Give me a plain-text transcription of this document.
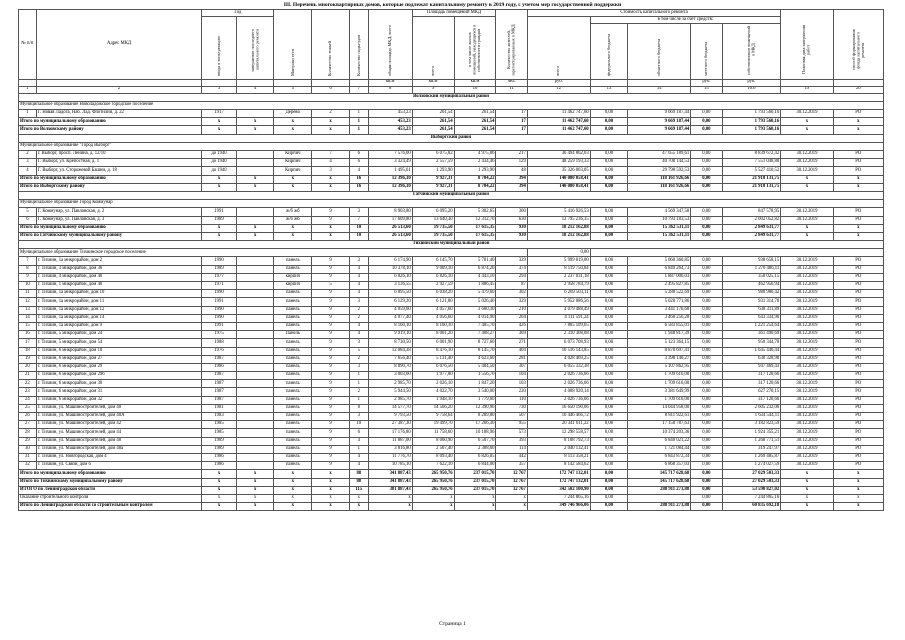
III. Перечень многоквартирных домов, которые подлежат капитальному ремонту в 2019 году, с учетом мер государственной поддержки
№ п/п	Адрес МКД	Год		Материал стен	Количество этажей	Количество подъездов	общая площадь МКД, всего	Площадь помещений МКД		Количество жителей, зарегистрированных в МКД	Стоимость капитального ремонта					Плановая дата завершения работ	способ формирования фонда капитального ремонта
		ввода в эксплуатацию	завершение последнего капитального ремонта					всего	в том числе жилых помещений, находящихся в собственности граждан		всего	в том числе за счет средств:					
												федерального бюджета	областного бюджета	местного бюджета	собственников помещений в МКД		
							кв.м	кв.м	кв.м	чел.	руб.			руб.	руб.		
1	2	3	4	5	6	7	8	9	10	11	12	13	14	15	16.0	19	20
Волховский муниципальный район																	
Муниципальное образование Новоладожское городское поселение																	
1	Г. Новая Ладога, Наб. Лад. Флотилии, д. 22	1917		Дерево	2	1	453,23	261,54	261,54	17	11 462 747,60	0,00	9 669 187,44	0,00	1 793 560,16	30.12.2019	РО
Итого по муниципальному образованию		x	x	x	x	1	453,23	261,54	261,54	17	11 462 747,60	0,00	9 669 187,44	0,00	1 793 560,16	x	x
Итого по Волховскому району		x	x	x	x	1	453,23	261,54	261,54	17	11 462 747,60	0,00	9 669 187,44	0,00	1 793 560,16	x	x
Выборгский район																	
Муниципальное образование "Город Выборг"																	
2	г. Выборг, просп. Ленина, д. 12/10	до 1940		Кирпич	7	6	7 576,00	6 075,82	4 975,86	217	36 494 862,03	0,00	47 655 189,61	0,00	8 839 672,42	30.12.2019	РО
3	Г. Выборг, ул. Крепостная, д. 1	до 1940		Кирпич	4	6	3 324,49	2 557,59	2 434,46	129	48 259 193,33	0,00	40 708 144,53	0,00	7 551 048,80	30.12.2019	РО
4	Г. Выборг, ул. Сторожевой Башни, д. 18	до 1940		Кирпич	3	4	1 495,61	1 293,90	1 293,90	48	35 326 003,05	0,00	29 798 592,53	0,00	5 527 410,52	30.12.2019	РО
Итого по муниципальному образованию		x	x	x	x	16	12 396,10	9 927,31	8 704,22	394	140 080 058,41	0,00	118 161 926,66	0,00	21 918 131,75	x	x
Итого по Выборгскому району		x	x	x	x	16	12 396,10	9 927,31	8 704,22	394	140 080 058,41	0,00	118 161 926,66	0,00	21 918 131,75	x	x
Гатчинский муниципальный район																	
Муниципальное образование Город Коммунар																	
5	Г. Коммунар, ул. Павловская, д. 2	1991		ж/б жб	9	3	8 903,80	6 095,20	5 302,65	300	5 416 926,53	0,00	4 569 347,58	0,00	847 578,95	30.12.2019	РО
6	Г. Коммунар, ул. Павловская, д. 3	1989		ж/б жб	9	7	17 609,80	13 640,30	12 312,70	630	12 795 236,35	0,00	10 793 183,53	0,00	2 002 052,82	30.12.2019	РО
Итого по муниципальному образованию		x	x	x	x	10	26 513,60	19 735,50	17 615,35	930	18 212 162,88	0,00	15 362 531,11	0,00	2 849 631,77	x	x
Итого по Гатчинскому муниципальному району		x	x	x	x	10	26 513,60	19 735,50	17 615,35	930	18 212 162,88	0,00	15 362 531,11	0,00	2 849 631,77	x	x
Тихвинский муниципальный район																	
Муниципальное образование Тихвинское городское поселение											0,00						
7	г. Тихвин, 1а микрорайон, дом 2	1990		панель	9	3	6 174,90	6 145,70	5 701,40	329	5 999 019,00	0,00	5 060 360,85	0,00	938 658,15	30.12.2019	РО
8	г. Тихвин, 3 микрорайон, дом 36	1989		панель	9	4	10 378,10	9 009,10	6 874,20	374	8 119 750,84	0,00	6 849 264,73	0,00	1 270 486,11	30.12.2019	РО
9	г. Тихвин, 4 микрорайон, дом 40	1977		кирпич	9	4	6 826,10	6 826,10	4 443,10	294	2 237 031,18	0,00	1 887 006,03	0,00	350 025,15	30.12.2019	РО
10	г. Тихвин, 1 микрорайон, дом 40	1971		кирпич	5	4	3 136,55	2 927,59	1 886,45	87	2 958 784,79	0,00	2 495 827,85	0,00	462 956,94	30.12.2019	РО
11	г. Тихвин, 1а микрорайон, дом 10	1990		панель	9	4	6 895,50	6 038,20	5 479,60	302	6 269 503,11	0,00	5 288 522,69	0,00	980 980,42	30.12.2019	РО
12	г. Тихвин, 1а микрорайон, дом 11	1991		панель	9	3	6 129,20	6 121,80	5 026,40	329	5 952 086,56	0,00	5 020 771,86	0,00	931 314,70	30.12.2019	РО
13	г. Тихвин, 1а микрорайон, дом 12	1990		панель	9	2	4 059,60	4 057,60	3 600,30	210	4 079 488,49	0,00	3 441 176,60	0,00	638 311,89	30.12.2019	РО
14	г. Тихвин, 1а микрорайон, дом 14	1990		панель	9	2	4 077,40	4 056,60	4 014,90	204	4 111 591,24	0,00	3 468 256,28	0,00	643 334,96	30.12.2019	РО
15	г. Тихвин, 1а микрорайон, дом 9	1991		панель	9	4	8 160,10	8 160,10	7 405,70	426	7 805 109,65	0,00	6 583 855,01	0,00	1 221 254,64	30.12.2019	РО
16	г. Тихвин, 5 микрорайон, дом 24	1975		Панель	9	4	9 919,10	8 001,20	7 408,27	369	2 310 308,08	0,00	1 948 817,39	0,00	361 490,69	30.12.2019	РО
17	г. Тихвин, 5 микрорайон, дом 54	1988		панель	9	3	8 730,50	6 001,90	8 727,60	271	6 073 708,93	0,00	5 123 364,15	0,00	950 344,78	30.12.2019	РО
18	г. Тихвин, 6 микрорайон, дом 10	1976		панель	9	5	12 084,38	8 476,10	8 145,70	404	10 516 143,85	0,00	8 870 697,41	0,00	1 645 446,44	30.12.2019	РО
19	г. Тихвин, 6 микрорайон, дом 27	1987		панель	9	2	7 656,40	5 131,40	4 623,60	281	4 028 469,25	0,00	3 398 140,27	0,00	630 328,98	30.12.2019	РО
20	г. Тихвин, 6 микрорайон, дом 29	1986		панель	9	3	8 890,70	6 076,50	5 404,50	307	6 055 332,38	0,00	5 107 862,95	0,00	947 469,43	30.12.2019	РО
21	г. Тихвин, 6 микрорайон, дом 29б	1987		панель	9	1	3 003,00	1 977,00	1 556,70	104	2 026 736,66	0,00	1 709 616,00	0,00	317 120,66	30.12.2019	РО
22	г. Тихвин, 6 микрорайон, дом 30	1987		панель	9	1	2 985,70	2 026,10	1 847,20	103	2 026 736,66	0,00	1 709 616,00	0,00	317 120,66	30.12.2019	РО
23	г. Тихвин, 6 микрорайон, дом 31	1987		панель	9	2	5 944,50	4 022,70	3 540,00	220	4 008 920,14	0,00	3 381 649,99	0,00	627 270,15	30.12.2019	РО
24	г. Тихвин, 6 микрорайон, дом 32	1987		панель	9	1	2 985,70	1 948,10	1 779,60	110	2 026 736,66	0,00	1 709 616,00	0,00	317 120,66	30.12.2019	РО
25	г. Тихвин, ул. Машиностроителей, дом 40	1981		панель	9	8	14 577,70	14 566,20	12 390,96	730	16 650 190,06	0,00	14 044 958,00	0,00	2 605 232,06	30.12.2019	РО
26	г. Тихвин, ул. Машиностроителей, дом 40А	1983		панель	9	3	9 793,50	9 758,64	8 289,80	507	10 446 466,72	0,00	8 811 922,61	0,00	1 634 544,11	30.12.2019	РО
27	г. Тихвин, ул. Машиностроителей, дом 42	1985		панель	9	10	27 387,30	19 499,70	17 266,30	955	20 341 611,22	0,00	17 158 787,63	0,00	3 182 823,59	30.12.2019	РО
28	г. Тихвин, ул. Машиностроителей, дом 44	1985		панель	9	6	17 176,80	11 758,60	10 188,96	573	12 298 558,57	0,00	10 374 203,36	0,00	1 924 355,21	30.12.2019	РО
29	г. Тихвин, ул. Машиностроителей, дом 48	1989		панель	9	4	11 887,00	8 060,90	6 507,70	393	8 108 792,73	0,00	6 840 021,22	0,00	1 268 771,51	30.12.2019	РО
30	г. Тихвин, ул. Машиностроителей, дом 48а	1989		панель	9	1	3 816,80	2 507,40	2 308,60	114	2 040 132,41	0,00	1 721 084,44	0,00	319 247,97	30.12.2019	РО
31	г. Тихвин, ул. Новгородская, дом 4	1986		панель	9	4	11 776,70	8 093,40	6 826,05	442	8 113 358,21	0,00	6 843 872,34	0,00	1 269 485,87	30.12.2019	РО
32	г. Тихвин, ул. Связи, дом 6	1986		панель	9	4	10 785,10	7 622,10	6 844,00	357	8 142 584,62	0,00	6 868 357,03	0,00	1 274 027,59	30.12.2019	РО
Итого по муниципальному образованию		x	x	x	x	88	341 887,43	265 950,76	237 015,70	12 767	172 747 132,01	0,00	145 717 628,68	0,00	27 029 503,33	x	x
Итого по Тихвинскому муниципальному району		x	x	x	x	88	341 887,43	265 950,76	237 015,70	12 767	172 747 132,01	0,00	145 717 628,68	0,00	27 029 503,33	x	x
ИТОГО по Ленинградской области		x	x	x	x	115	381 887,43	265 950,76	237 015,70	12 767	342 502 100,90	0,00	288 911 273,88	0,00	53 590 827,02	x	x
Оказание строительного контроля		x	x	x	x	x	x	x	x	x	7 244 865,16	0,00		0,00	7 244 865,16	x	x
Итого по Ленинградской области со строительным контролем		x	x	x	x	x	x	x	x	x	349 746 966,06	0,00	288 911 273,88	0,00	60 835 692,18	x	x
Страница 1
